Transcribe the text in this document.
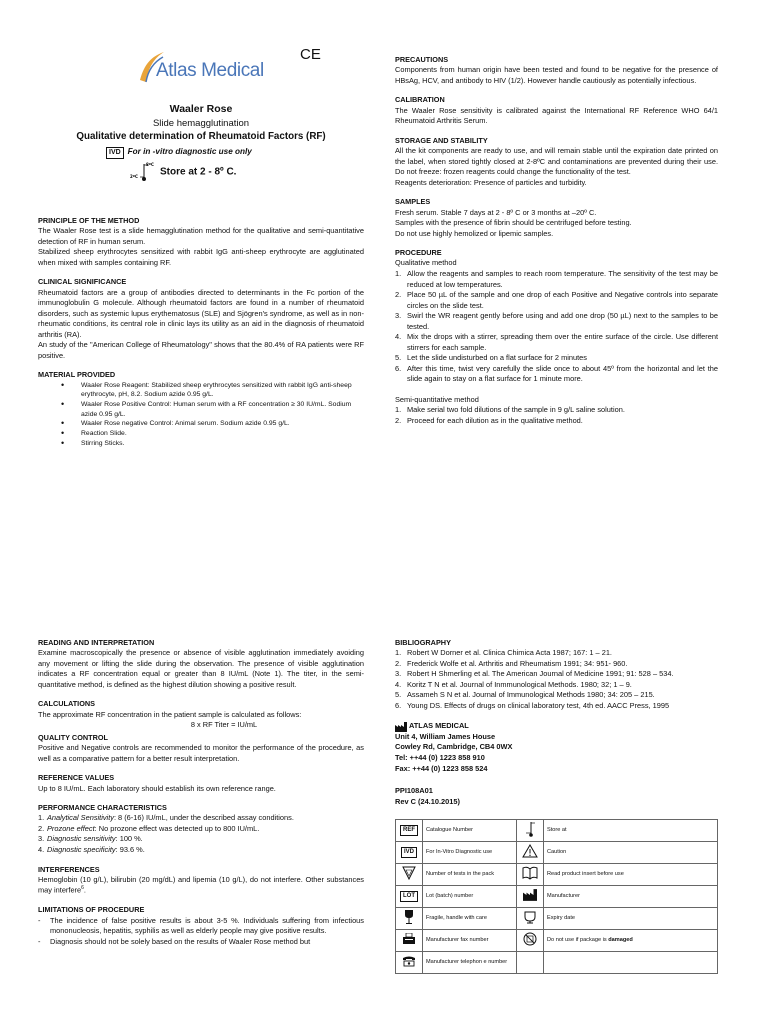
Atlas Medical
CE
Waaler Rose
Slide hemagglutination
Qualitative determination of Rheumatoid Factors (RF)
IVD For in -vitro diagnostic use only
8ºC
2ºC Store at 2 - 8º C.
PRINCIPLE OF THE METHOD

The Waaler Rose test is a slide hemagglutination method for the qualitative and semi-quantitative detection of RF in human serum.

Stabilized sheep erythrocytes sensitized with rabbit IgG anti-sheep erythrocyte are agglutinated when mixed with samples containing RF.

CLINICAL SIGNIFICANCE

Rheumatoid factors are a group of antibodies directed to determinants in the Fc portion of the immunoglobulin G molecule. Although rheumatoid factors are found in a number of rheumatoid disorders, such as systemic lupus erythematosus (SLE) and Sjögren's syndrome, as well as in non-rheumatic conditions, its central role in clinic lays its utility as an aid in the diagnosis of rheumatoid arthritis (RA).

An study of the "American College of Rheumatology" shows that the 80.4% of RA patients were RF positive.

MATERIAL PROVIDED
• Waaler Rose Reagent: Stabilized sheep erythrocytes sensitized with rabbit IgG anti-sheep erythrocyte, pH, 8.2. Sodium azide 0.95 g/L.
• Waaler Rose Positive Control: Human serum with a RF concentration ≥ 30 IU/mL. Sodium azide 0.95 g/L.
• Waaler Rose negative Control: Animal serum. Sodium azide 0.95 g/L.
• Reaction Slide.
• Stirring Sticks.
PRECAUTIONS

Components from human origin have been tested and found to be negative for the presence of HBsAg, HCV, and antibody to HIV (1/2). However handle cautiously as potentially infectious.

CALIBRATION

The Waaler Rose sensitivity is calibrated against the International RF Reference WHO 64/1 Rheumatoid Arthritis Serum.

STORAGE AND STABILITY

All the kit components are ready to use, and will remain stable until the expiration date printed on the label, when stored tightly closed at 2-8ºC and contaminations are prevented during their use. Do not freeze: frozen reagents could change the functionality of the test.

Reagents deterioration: Presence of particles and turbidity.

SAMPLES

Fresh serum. Stable 7 days at 2 - 8º C or 3 months at –20º C.

Samples with the presence of fibrin should be centrifuged before testing.

Do not use highly hemolized or lipemic samples.

PROCEDURE
Qualitative method
1. Allow the reagents and samples to reach room temperature. The sensitivity of the test may be reduced at low temperatures.
2. Place 50 µL of the sample and one drop of each Positive and Negative controls into separate circles on the slide test.
3. Swirl the WR reagent gently before using and add one drop (50 µL) next to the samples to be tested.
4. Mix the drops with a stirrer, spreading them over the entire surface of the circle. Use different stirrers for each sample.
5. Let the slide undisturbed on a flat surface for 2 minutes
6. After this time, twist very carefully the slide once to about 45º from the horizontal and let the slide again to stay on a flat surface for 1 minute more.
Semi-quantitative method
1. Make serial two fold dilutions of the sample in 9 g/L saline solution.
2. Proceed for each dilution as in the qualitative method.
READING AND INTERPRETATION

Examine macroscopically the presence or absence of visible agglutination immediately avoiding any movement or lifting the slide during the observation. The presence of visible agglutination indicates a RF concentration equal or greater than 8 IU/mL (Note 1). The titer, in the semi-quantitative method, is defined as the highest dilution showing a positive result.

CALCULATIONS

The approximate RF concentration in the patient sample is calculated as follows:

8 x RF Titer = IU/mL
QUALITY CONTROL

Positive and Negative controls are recommended to monitor the performance of the procedure, as well as a comparative pattern for a better result interpretation.

REFERENCE VALUES

Up to 8 IU/mL. Each laboratory should establish its own reference range.

PERFORMANCE CHARACTERISTICS
1. Analytical Sensitivity: 8 (6-16) IU/mL, under the described assay conditions.
2. Prozone effect: No prozone effect was detected up to 800 IU/mL.
3. Diagnostic sensitivity: 100 %.
4. Diagnostic specificity: 93.6 %.
INTERFERENCES

Hemoglobin (10 g/L), bilirubin (20 mg/dL) and lipemia (10 g/L), do not interfere. Other substances may interfere$^6$.

LIMITATIONS OF PROCEDURE
- The incidence of false positive results is about 3-5 %. Individuals suffering from infectious mononucleosis, hepatitis, syphilis as well as elderly people may give positive results.
- Diagnosis should not be solely based on the results of Waaler Rose method but
BIBLIOGRAPHY
1. Robert W Dorner et al. Clinica Chimica Acta 1987; 167: 1 – 21.
2. Frederick Wolfe et al. Arthritis and Rheumatism 1991; 34: 951- 960.
3. Robert H Shmerling et al. The American Journal of Medicine 1991; 91: 528 – 534.
4. Koritz T N et al. Journal of Inmmunological Methods. 1980; 32; 1 – 9.
5. Assameh S N et al. Journal of Immunological Methods 1980; 34: 205 – 215.
6. Young DS. Effects of drugs on clinical laboratory test, 4th ed. AACC Press, 1995
ATLAS MEDICAL
Unit 4, William James House
Cowley Rd, Cambridge, CB4 0WX
Tel: ++44 (0) 1223 858 910
Fax: ++44 (0) 1223 858 524
PPI108A01
Rev C (24.10.2015)
REF	Catalogue Number		Store at
IVD	For In-Vitro Diagnostic use		Caution
	Number of tests in the pack		Read product insert before use
LOT	Lot (batch) number		Manufacturer
	Fragile, handle with care		Expiry date
	Manufacturer fax number		Do not use if package is damaged
	Manufacturer telephon e number		
